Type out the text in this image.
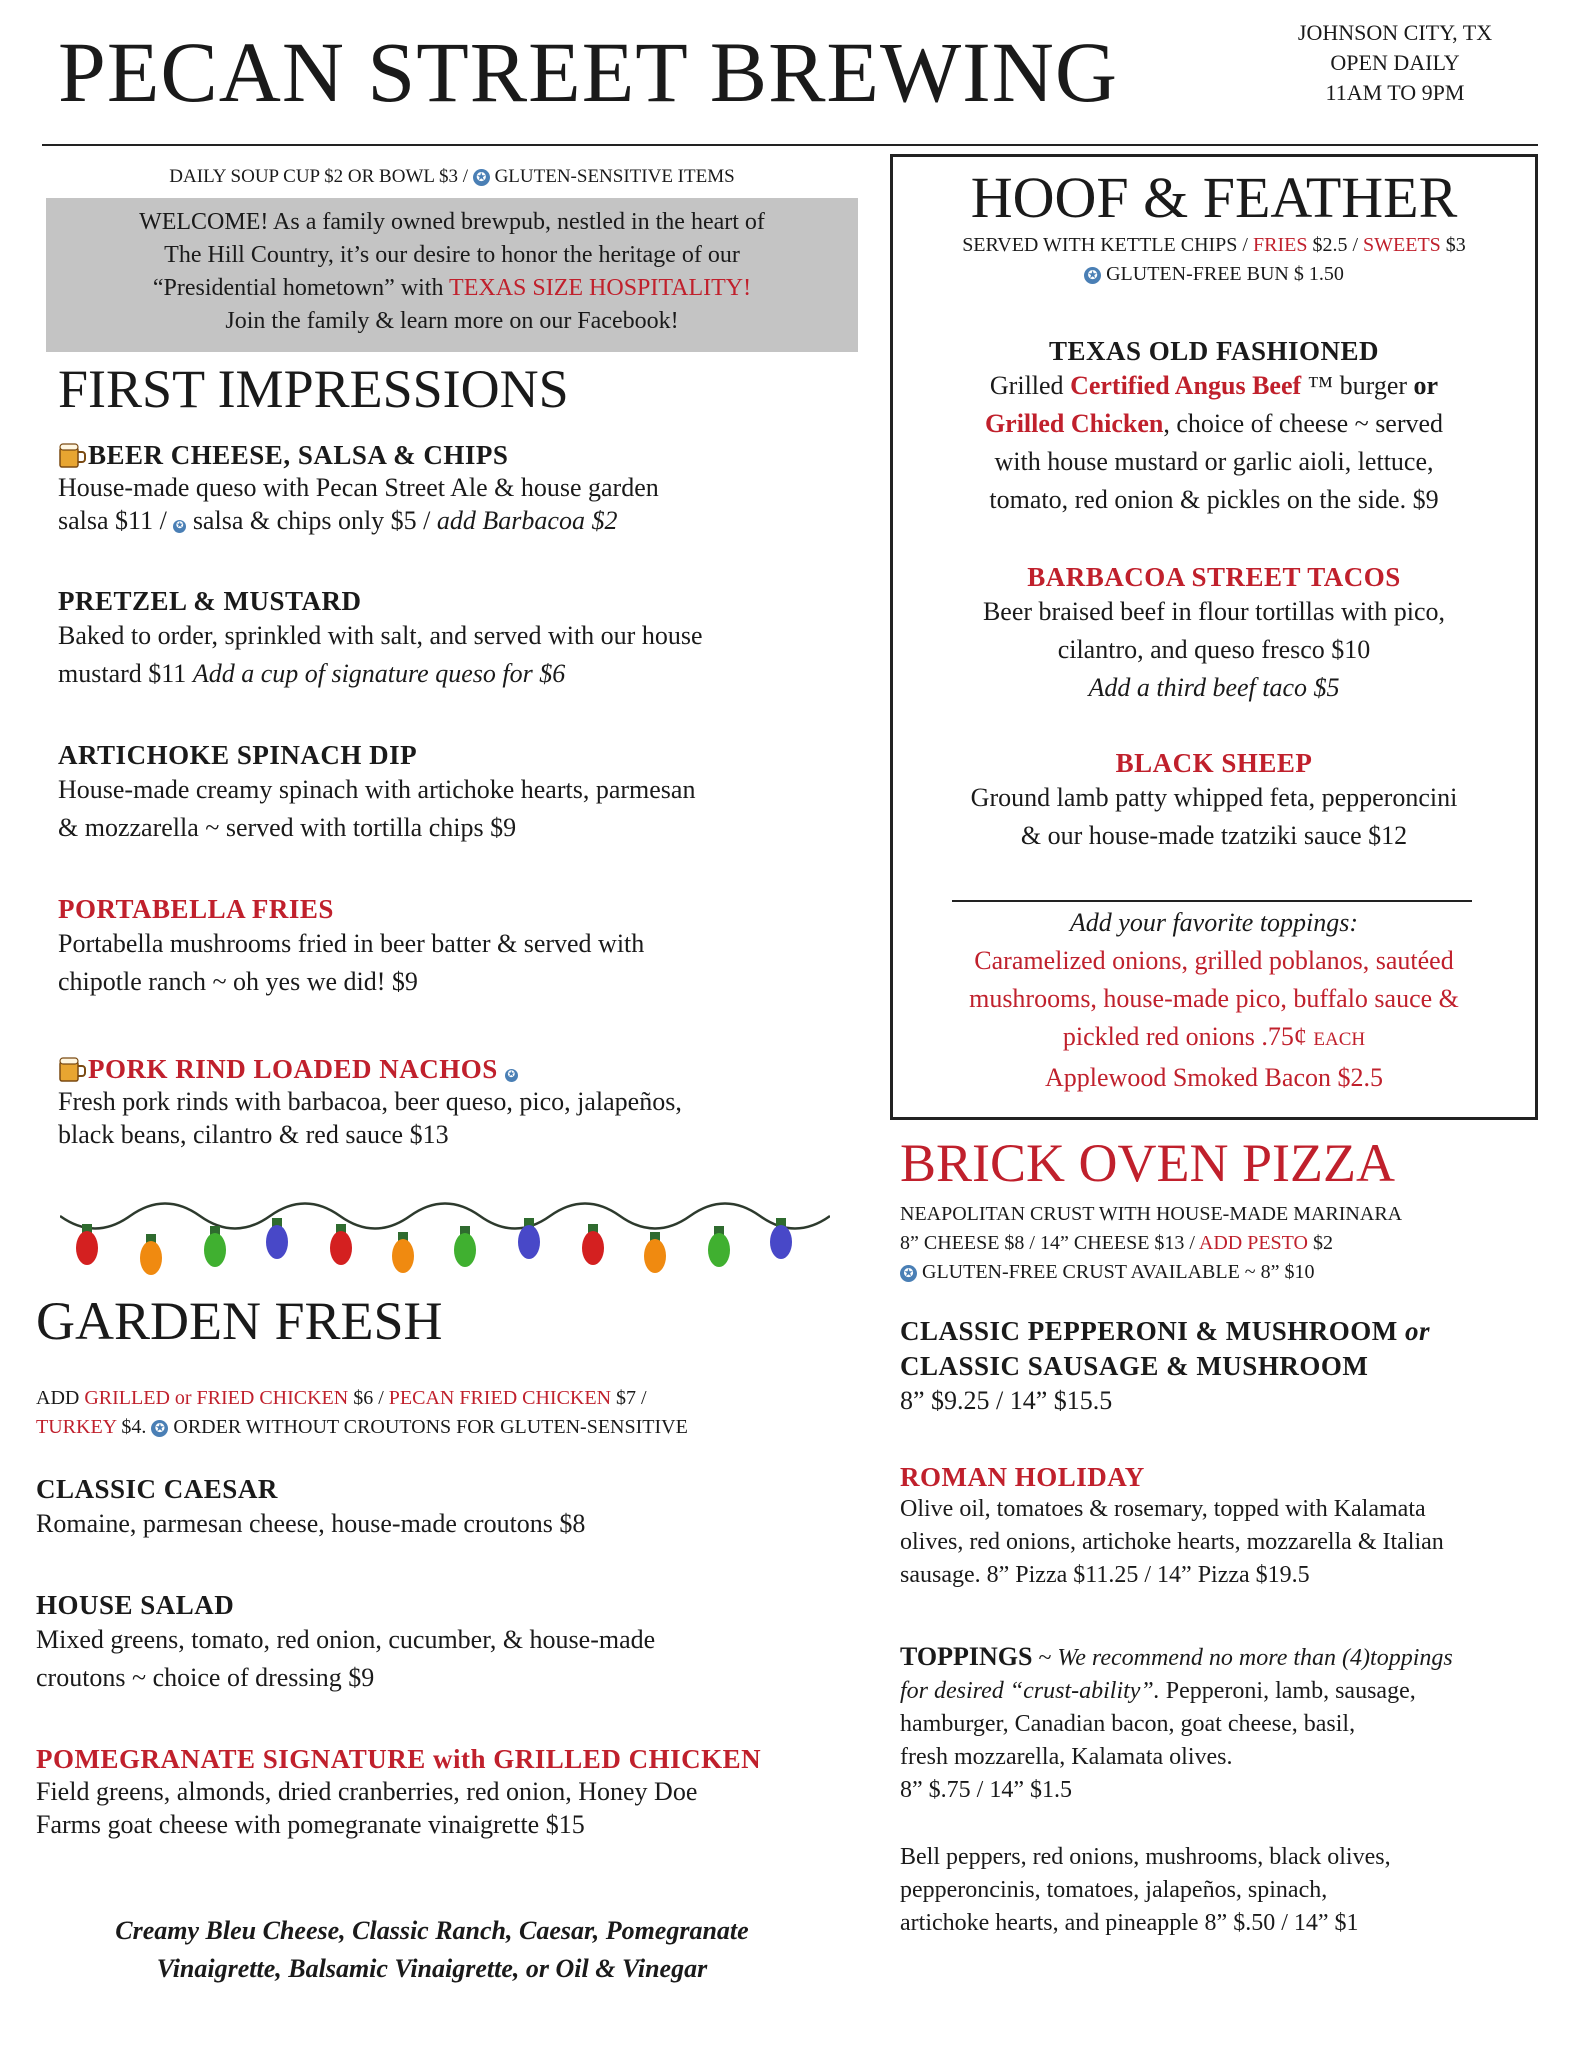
PECAN STREET BREWING	JOHNSON CITY, TX
OPEN DAILY
11AM TO 9PM
DAILY SOUP CUP $2 OR BOWL $3 / ✪ GLUTEN-SENSITIVE ITEMS
WELCOME! As a family owned brewpub, nestled in the heart of
The Hill Country, it’s our desire to honor the heritage of our
“Presidential hometown” with TEXAS SIZE HOSPITALITY!
Join the family & learn more on our Facebook!
FIRST IMPRESSIONS
BEER CHEESE, SALSA & CHIPS
House-made queso with Pecan Street Ale & house garden
salsa $11 / ✪ salsa & chips only $5 / add Barbacoa $2
PRETZEL & MUSTARD
Baked to order, sprinkled with salt, and served with our house
mustard $11 Add a cup of signature queso for $6
ARTICHOKE SPINACH DIP
House-made creamy spinach with artichoke hearts, parmesan
& mozzarella ~ served with tortilla chips $9
PORTABELLA FRIES
Portabella mushrooms fried in beer batter & served with
chipotle ranch ~ oh yes we did! $9
PORK RIND LOADED NACHOS ✪
Fresh pork rinds with barbacoa, beer queso, pico, jalapeños,
black beans, cilantro & red sauce $13
GARDEN FRESH
ADD GRILLED or FRIED CHICKEN $6 / PECAN FRIED CHICKEN $7 /
TURKEY $4. ✪ ORDER WITHOUT CROUTONS FOR GLUTEN-SENSITIVE
CLASSIC CAESAR
Romaine, parmesan cheese, house-made croutons $8
HOUSE SALAD
Mixed greens, tomato, red onion, cucumber, & house-made
croutons ~ choice of dressing $9
POMEGRANATE SIGNATURE with GRILLED CHICKEN
Field greens, almonds, dried cranberries, red onion, Honey Doe
Farms goat cheese with pomegranate vinaigrette $15
Creamy Bleu Cheese, Classic Ranch, Caesar, Pomegranate
Vinaigrette, Balsamic Vinaigrette, or Oil & Vinegar
HOOF & FEATHER
SERVED WITH KETTLE CHIPS / FRIES $2.5 / SWEETS $3
✪ GLUTEN-FREE BUN $ 1.50
TEXAS OLD FASHIONED
Grilled Certified Angus Beef ™ burger or
Grilled Chicken, choice of cheese ~ served
with house mustard or garlic aioli, lettuce,
tomato, red onion & pickles on the side. $9
BARBACOA STREET TACOS
Beer braised beef in flour tortillas with pico,
cilantro, and queso fresco $10
Add a third beef taco $5
BLACK SHEEP
Ground lamb patty whipped feta, pepperoncini
& our house-made tzatziki sauce $12
Add your favorite toppings:
Caramelized onions, grilled poblanos, sautéed
mushrooms, house-made pico, buffalo sauce &
pickled red onions .75¢ EACH
Applewood Smoked Bacon $2.5
BRICK OVEN PIZZA
NEAPOLITAN CRUST WITH HOUSE-MADE MARINARA
8” CHEESE $8 / 14” CHEESE $13 / ADD PESTO $2
✪ GLUTEN-FREE CRUST AVAILABLE ~ 8” $10
CLASSIC PEPPERONI & MUSHROOM or
CLASSIC SAUSAGE & MUSHROOM
8” $9.25 / 14” $15.5
ROMAN HOLIDAY
Olive oil, tomatoes & rosemary, topped with Kalamata
olives, red onions, artichoke hearts, mozzarella & Italian
sausage. 8” Pizza $11.25 / 14” Pizza $19.5
TOPPINGS ~ We recommend no more than (4)toppings
for desired “crust-ability”. Pepperoni, lamb, sausage,
hamburger, Canadian bacon, goat cheese, basil,
fresh mozzarella, Kalamata olives.
8” $.75 / 14” $1.5
Bell peppers, red onions, mushrooms, black olives,
pepperoncinis, tomatoes, jalapeños, spinach,
artichoke hearts, and pineapple 8” $.50 / 14” $1
